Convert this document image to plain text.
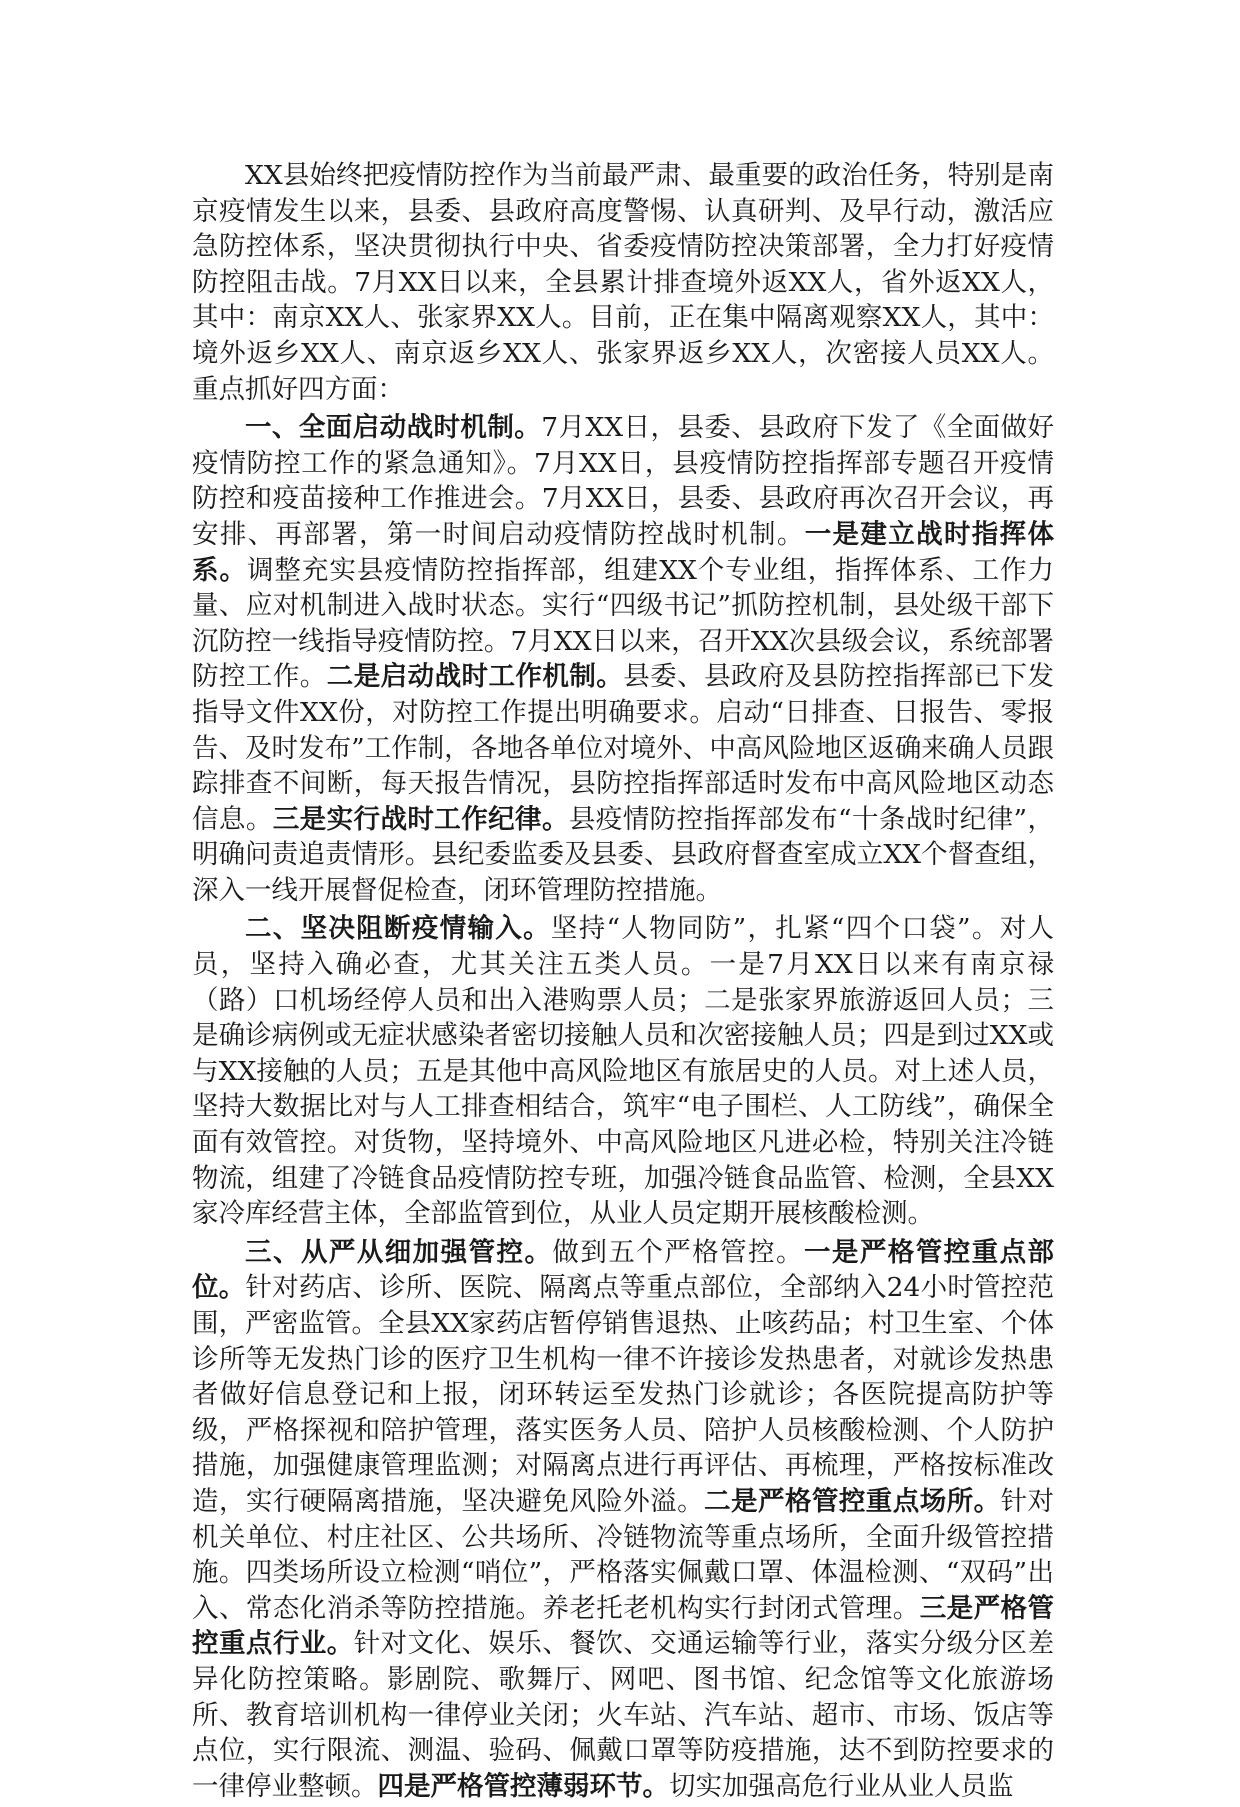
XX县始终把疫情防控作为当前最严肃、最重要的政治任务，特别是南京疫情发生以来，县委、县政府高度警惕、认真研判、及早行动，激活应急防控体系，坚决贯彻执行中央、省委疫情防控决策部署，全力打好疫情防控阻击战。7月XX日以来，全县累计排查境外返XX人，省外返XX人，其中：南京XX人、张家界XX人。目前，正在集中隔离观察XX人，其中：境外返乡XX人、南京返乡XX人、张家界返乡XX人，次密接人员XX人。重点抓好四方面：

一、全面启动战时机制。7月XX日，县委、县政府下发了《全面做好疫情防控工作的紧急通知》。7月XX日，县疫情防控指挥部专题召开疫情防控和疫苗接种工作推进会。7月XX日，县委、县政府再次召开会议，再安排、再部署，第一时间启动疫情防控战时机制。一是建立战时指挥体系。调整充实县疫情防控指挥部，组建XX个专业组，指挥体系、工作力量、应对机制进入战时状态。实行“四级书记”抓防控机制，县处级干部下沉防控一线指导疫情防控。7月XX日以来，召开XX次县级会议，系统部署防控工作。二是启动战时工作机制。县委、县政府及县防控指挥部已下发指导文件XX份，对防控工作提出明确要求。启动“日排查、日报告、零报告、及时发布”工作制，各地各单位对境外、中高风险地区返确来确人员跟踪排查不间断，每天报告情况，县防控指挥部适时发布中高风险地区动态信息。三是实行战时工作纪律。县疫情防控指挥部发布“十条战时纪律”，明确问责追责情形。县纪委监委及县委、县政府督查室成立XX个督查组，深入一线开展督促检查，闭环管理防控措施。

二、坚决阻断疫情输入。坚持“人物同防”，扎紧“四个口袋”。对人员，坚持入确必查，尤其关注五类人员。一是7月XX日以来有南京禄（路）口机场经停人员和出入港购票人员；二是张家界旅游返回人员；三是确诊病例或无症状感染者密切接触人员和次密接触人员；四是到过XX或与XX接触的人员；五是其他中高风险地区有旅居史的人员。对上述人员，坚持大数据比对与人工排查相结合，筑牢“电子围栏、人工防线”，确保全面有效管控。对货物，坚持境外、中高风险地区凡进必检，特别关注冷链物流，组建了冷链食品疫情防控专班，加强冷链食品监管、检测，全县XX家冷库经营主体，全部监管到位，从业人员定期开展核酸检测。

三、从严从细加强管控。做到五个严格管控。一是严格管控重点部位。针对药店、诊所、医院、隔离点等重点部位，全部纳入24小时管控范围，严密监管。全县XX家药店暂停销售退热、止咳药品；村卫生室、个体诊所等无发热门诊的医疗卫生机构一律不许接诊发热患者，对就诊发热患者做好信息登记和上报，闭环转运至发热门诊就诊；各医院提高防护等级，严格探视和陪护管理，落实医务人员、陪护人员核酸检测、个人防护措施，加强健康管理监测；对隔离点进行再评估、再梳理，严格按标准改造，实行硬隔离措施，坚决避免风险外溢。二是严格管控重点场所。针对机关单位、村庄社区、公共场所、冷链物流等重点场所，全面升级管控措施。四类场所设立检测“哨位”，严格落实佩戴口罩、体温检测、“双码”出入、常态化消杀等防控措施。养老托老机构实行封闭式管理。三是严格管控重点行业。针对文化、娱乐、餐饮、交通运输等行业，落实分级分区差异化防控策略。影剧院、歌舞厅、网吧、图书馆、纪念馆等文化旅游场所、教育培训机构一律停业关闭；火车站、汽车站、超市、市场、饭店等点位，实行限流、测温、验码、佩戴口罩等防疫措施，达不到防控要求的一律停业整顿。四是严格管控薄弱环节。切实加强高危行业从业人员监
